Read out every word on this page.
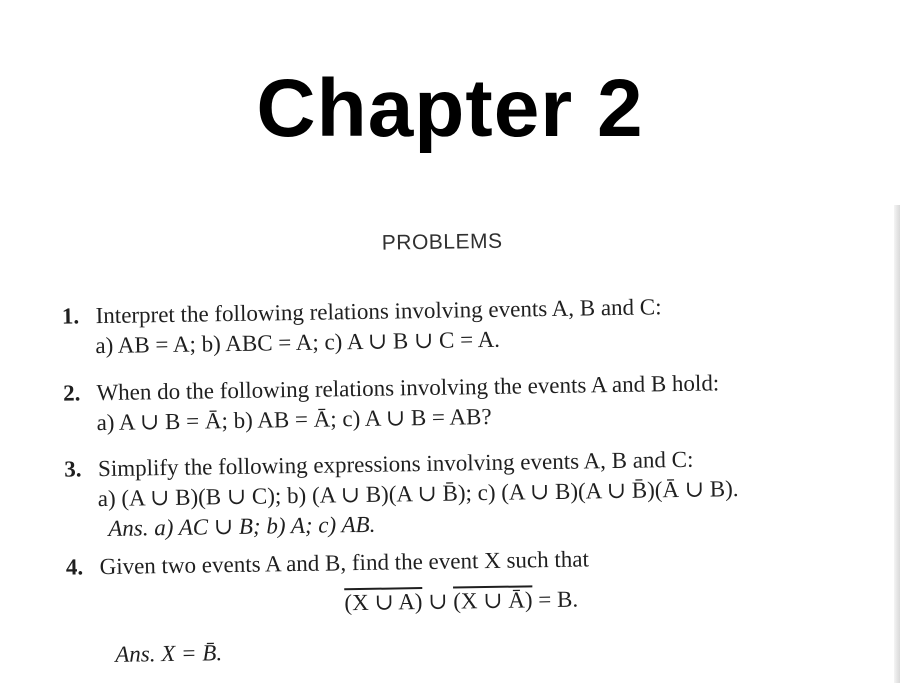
Chapter 2
PROBLEMS
1. Interpret the following relations involving events A, B and C:
a) AB = A; b) ABC = A; c) A ∪ B ∪ C = A.
2. When do the following relations involving the events A and B hold:
a) A ∪ B = Ā; b) AB = Ā; c) A ∪ B = AB?
3. Simplify the following expressions involving events A, B and C:
a) (A ∪ B)(B ∪ C); b) (A ∪ B)(A ∪ B̄); c) (A ∪ B)(A ∪ B̄)(Ā ∪ B).
Ans. a) AC ∪ B; b) A; c) AB.
4. Given two events A and B, find the event X such that
(X ∪ A) ∪ (X ∪ Ā) = B.
Ans. X = B̄.
